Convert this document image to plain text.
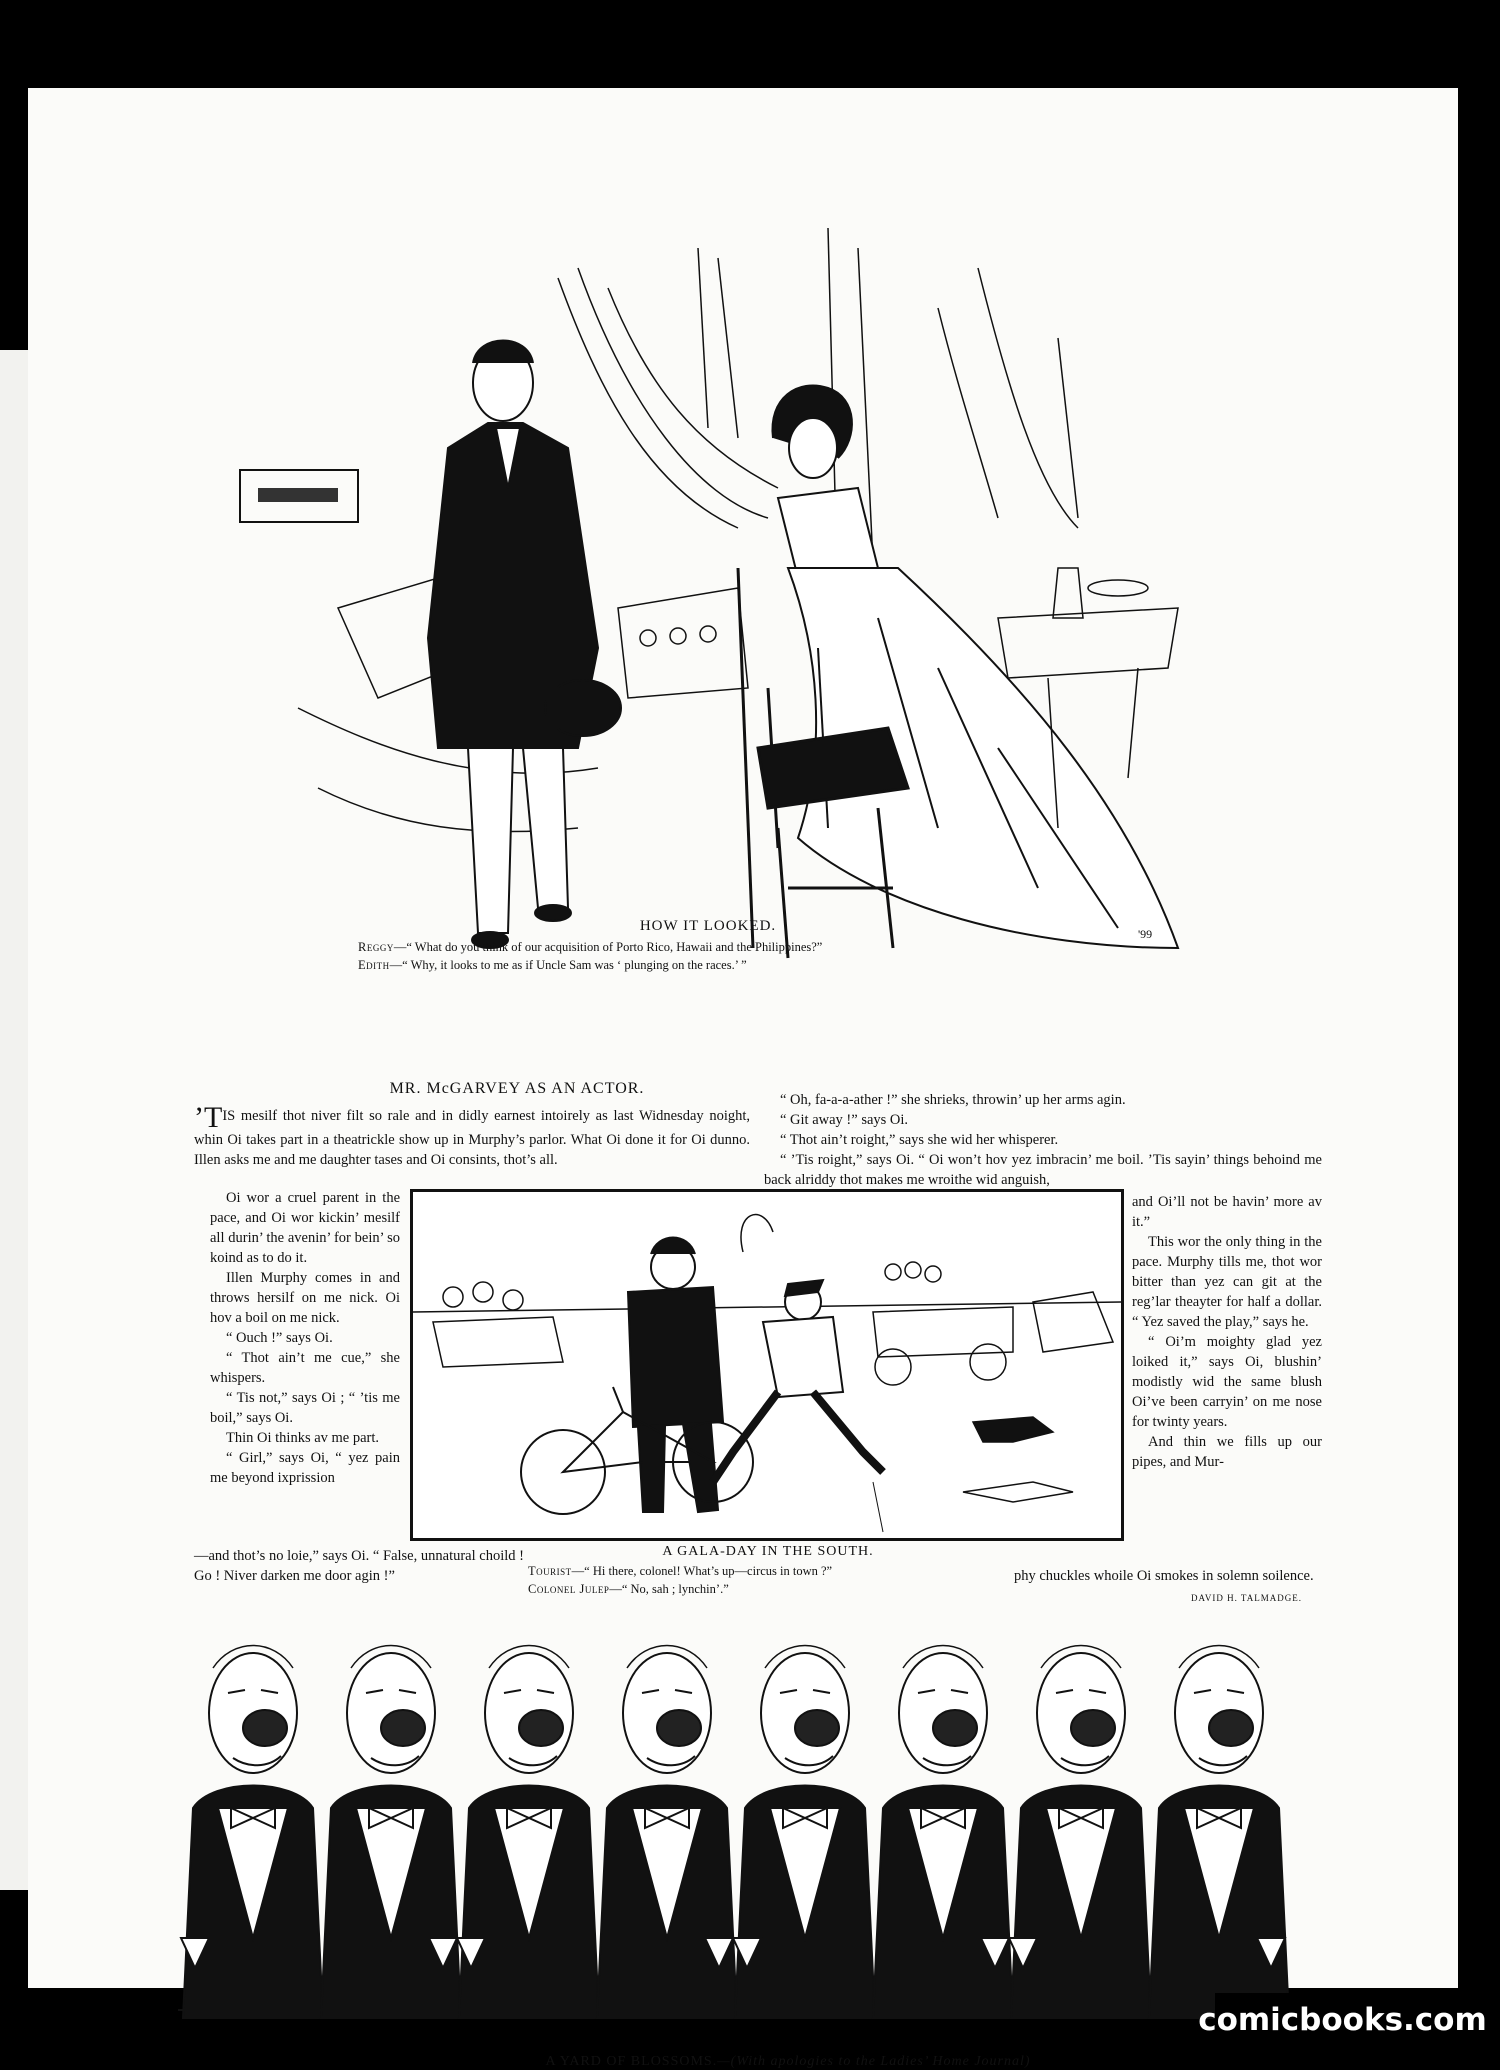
'99
HOW IT LOOKED.
Reggy—“ What do you think of our acquisition of Porto Rico, Hawaii and the Philippines?”
Edith—“ Why, it looks to me as if Uncle Sam was ‘ plunging on the races.’ ”
MR. McGARVEY AS AN ACTOR.

’TIS mesilf thot niver filt so rale and in didly earnest intoirely as last Widnesday noight, whin Oi takes part in a theatrickle show up in Murphy’s parlor. What Oi done it for Oi dunno. Illen asks me and me daughter tases and Oi consints, thot’s all.

Oi wor a cruel parent in the pace, and Oi wor kickin’ mesilf all durin’ the avenin’ for bein’ so koind as to do it.

Illen Murphy comes in and throws hersilf on me nick. Oi hov a boil on me nick.

“ Ouch !” says Oi.

“ Thot ain’t me cue,” she whispers.

“ Tis not,” says Oi ; “ ’tis me boil,” says Oi.

Thin Oi thinks av me part.

“ Girl,” says Oi, “ yez pain me beyond ixprission

—and thot’s no loie,” says Oi. “ False, unnatural choild ! Go ! Niver darken me door agin !”

“ Oh, fa-a-a-ather !” she shrieks, throwin’ up her arms agin.

“ Git away !” says Oi.

“ Thot ain’t roight,” says she wid her whisperer.

“ ’Tis roight,” says Oi. “ Oi won’t hov yez imbracin’ me boil. ’Tis sayin’ things behoind me back alriddy thot makes me wroithe wid anguish,

and Oi’ll not be havin’ more av it.”

This wor the only thing in the pace. Murphy tills me, thot wor bitter than yez can git at the reg’lar theayter for half a dollar. “ Yez saved the play,” says he.

“ Oi’m moighty glad yez loiked it,” says Oi, blushin’ modistly wid the same blush Oi’ve been carryin’ on me nose for twinty years.

And thin we fills up our pipes, and Mur-

phy chuckles whoile Oi smokes in solemn soilence.

DAVID H. TALMADGE.
A GALA-DAY IN THE SOUTH.
Tourist—“ Hi there, colonel! What’s up—circus in town ?”
Colonel Julep—“ No, sah ; lynchin’.”
A YARD OF BLOSSOMS.—(With apologies to the Ladies’ Home Journal)
comicbooks.com
